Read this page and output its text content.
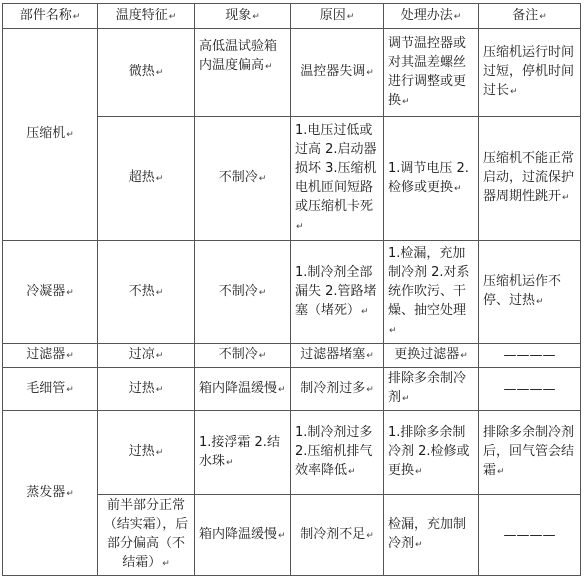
部件名称↵	温度特征↵	现象↵	原因↵	处理办法↵	备注↵
压缩机↵	微热↵	高低温试验箱内温度偏高↵	温控器失调↵	调节温控器或对其温差螺丝进行调整或更换↵	压缩机运行时间过短，停机时间过长↵
	超热↵	不制冷↵	1.电压过低或过高 2.启动器损坏 3.压缩机电机匝间短路或压缩机卡死↵	1.调节电压 2.检修或更换↵	压缩机不能正常启动，过流保护器周期性跳开↵
冷凝器↵	不热↵	不制冷↵	1.制冷剂全部漏失 2.管路堵塞（堵死）↵	1.检漏，充加制冷剂 2.对系统作吹污、干燥、抽空处理↵	压缩机运作不停、过热↵
过滤器↵	过凉↵	不制冷↵	过滤器堵塞↵	更换过滤器↵	————
毛细管↵	过热↵	箱内降温缓慢↵	制冷剂过多↵	排除多余制冷剂↵	————
蒸发器↵	过热↵	1.接浮霜 2.结水珠↵	1.制冷剂过多 2.压缩机排气效率降低↵	1.排除多余制冷剂 2.检修或更换↵	排除多余制冷剂后，回气管会结霜↵
	前半部分正常（结实霜），后部分偏高（不结霜）↵	箱内降温缓慢↵	制冷剂不足↵	检漏，充加制冷剂↵	————
